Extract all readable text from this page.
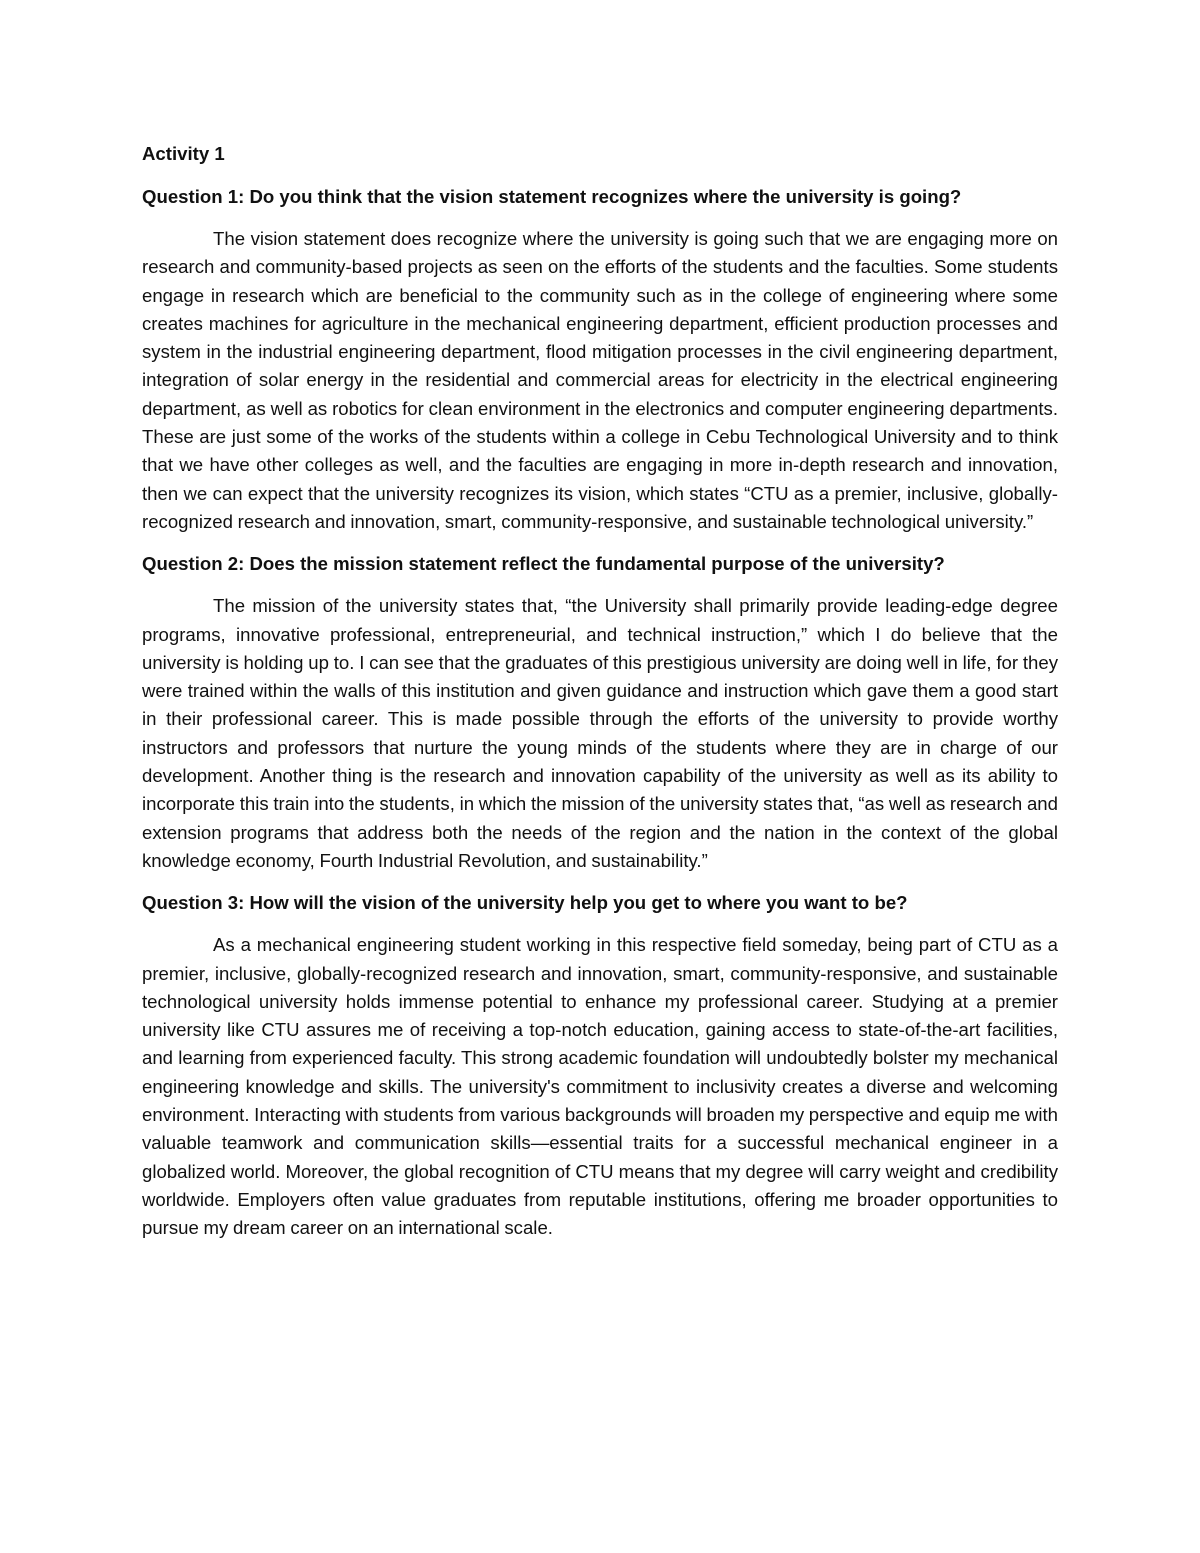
Activity 1
Question 1: Do you think that the vision statement recognizes where the university is going?
The vision statement does recognize where the university is going such that we are engaging more on research and community-based projects as seen on the efforts of the students and the faculties. Some students engage in research which are beneficial to the community such as in the college of engineering where some creates machines for agriculture in the mechanical engineering department, efficient production processes and system in the industrial engineering department, flood mitigation processes in the civil engineering department, integration of solar energy in the residential and commercial areas for electricity in the electrical engineering department, as well as robotics for clean environment in the electronics and computer engineering departments. These are just some of the works of the students within a college in Cebu Technological University and to think that we have other colleges as well, and the faculties are engaging in more in-depth research and innovation, then we can expect that the university recognizes its vision, which states “CTU as a premier, inclusive, globally-recognized research and innovation, smart, community-responsive, and sustainable technological university.”
Question 2: Does the mission statement reflect the fundamental purpose of the university?
The mission of the university states that, “the University shall primarily provide leading-edge degree programs, innovative professional, entrepreneurial, and technical instruction,” which I do believe that the university is holding up to. I can see that the graduates of this prestigious university are doing well in life, for they were trained within the walls of this institution and given guidance and instruction which gave them a good start in their professional career. This is made possible through the efforts of the university to provide worthy instructors and professors that nurture the young minds of the students where they are in charge of our development. Another thing is the research and innovation capability of the university as well as its ability to incorporate this train into the students, in which the mission of the university states that, “as well as research and extension programs that address both the needs of the region and the nation in the context of the global knowledge economy, Fourth Industrial Revolution, and sustainability.”
Question 3: How will the vision of the university help you get to where you want to be?
As a mechanical engineering student working in this respective field someday, being part of CTU as a premier, inclusive, globally-recognized research and innovation, smart, community-responsive, and sustainable technological university holds immense potential to enhance my professional career. Studying at a premier university like CTU assures me of receiving a top-notch education, gaining access to state-of-the-art facilities, and learning from experienced faculty. This strong academic foundation will undoubtedly bolster my mechanical engineering knowledge and skills. The university's commitment to inclusivity creates a diverse and welcoming environment. Interacting with students from various backgrounds will broaden my perspective and equip me with valuable teamwork and communication skills—essential traits for a successful mechanical engineer in a globalized world. Moreover, the global recognition of CTU means that my degree will carry weight and credibility worldwide. Employers often value graduates from reputable institutions, offering me broader opportunities to pursue my dream career on an international scale.
